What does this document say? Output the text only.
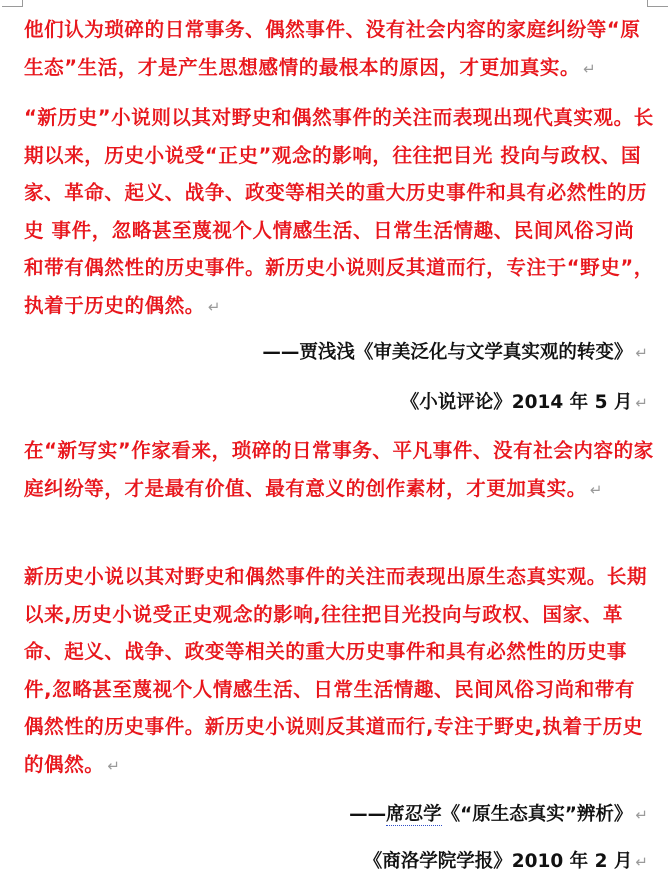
他们认为琐碎的日常事务、偶然事件、没有社会内容的家庭纠纷等“原生态”生活，才是产生思想感情的最根本的原因，才更加真实。 ↵

“新历史”小说则以其对野史和偶然事件的关注而表现出现代真实观。长期以来，历史小说受“正史”观念的影响，往往把目光 投向与政权、国家、革命、起义、战争、政变等相关的重大历史事件和具有必然性的历史 事件，忽略甚至蔑视个人情感生活、日常生活情趣、民间风俗习尚和带有偶然性的历史事件。新历史小说则反其道而行，专注于“野史”，执着于历史的偶然。 ↵

——贾浅浅《审美泛化与文学真实观的转变》 ↵

《小说评论》2014 年 5 月 ↵

在“新写实”作家看来，琐碎的日常事务、平凡事件、没有社会内容的家庭纠纷等，才是最有价值、最有意义的创作素材，才更加真实。 ↵

新历史小说以其对野史和偶然事件的关注而表现出原生态真实观。长期以来,历史小说受正史观念的影响,往往把目光投向与政权、国家、革命、起义、战争、政变等相关的重大历史事件和具有必然性的历史事件,忽略甚至蔑视个人情感生活、日常生活情趣、民间风俗习尚和带有偶然性的历史事件。新历史小说则反其道而行,专注于野史,执着于历史的偶然。 ↵

——席忍学《“原生态真实”辨析》 ↵

《商洛学院学报》2010 年 2 月 ↵
